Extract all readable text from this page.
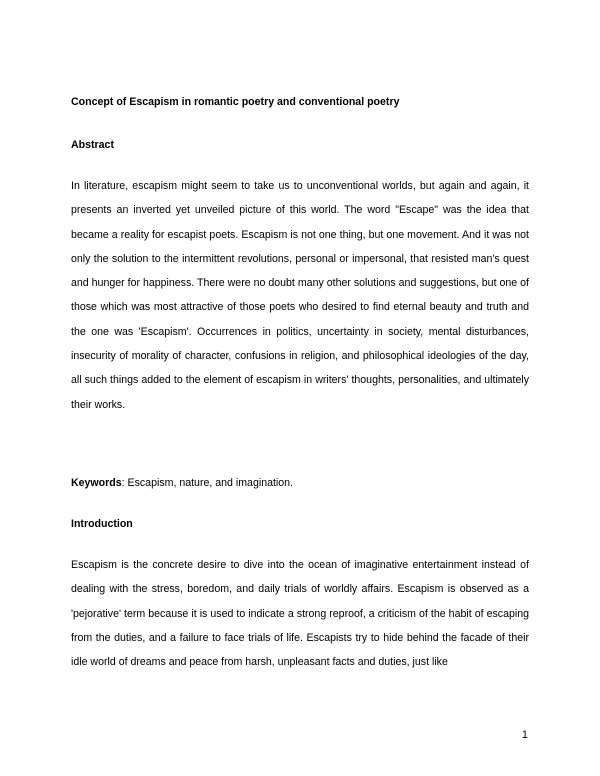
Concept of Escapism in romantic poetry and conventional poetry
Abstract

In literature, escapism might seem to take us to unconventional worlds, but again and again, it presents an inverted yet unveiled picture of this world. The word "Escape" was the idea that became a reality for escapist poets. Escapism is not one thing, but one movement. And it was not only the solution to the intermittent revolutions, personal or impersonal, that resisted man's quest and hunger for happiness. There were no doubt many other solutions and suggestions, but one of those which was most attractive of those poets who desired to find eternal beauty and truth and the one was 'Escapism'. Occurrences in politics, uncertainty in society, mental disturbances, insecurity of morality of character, confusions in religion, and philosophical ideologies of the day, all such things added to the element of escapism in writers' thoughts, personalities, and ultimately their works.

Keywords: Escapism, nature, and imagination.
Introduction

Escapism is the concrete desire to dive into the ocean of imaginative entertainment instead of dealing with the stress, boredom, and daily trials of worldly affairs. Escapism is observed as a 'pejorative' term because it is used to indicate a strong reproof, a criticism of the habit of escaping from the duties, and a failure to face trials of life. Escapists try to hide behind the facade of their idle world of dreams and peace from harsh, unpleasant facts and duties, just like

1
